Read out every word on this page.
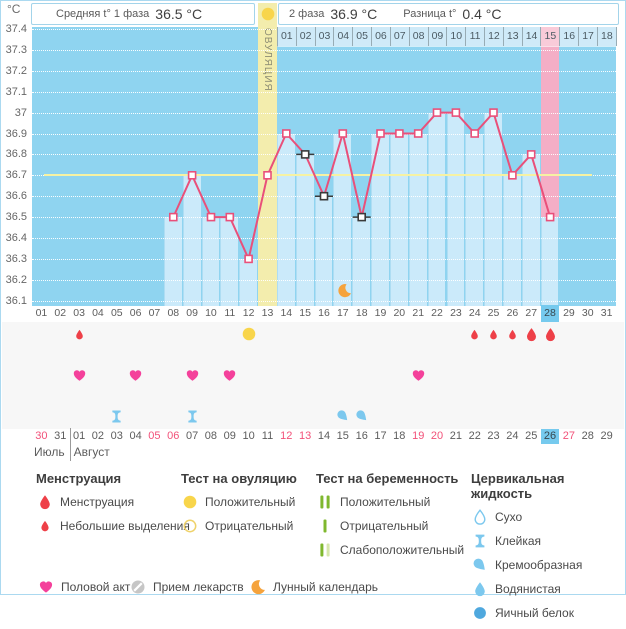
°C	Средняя t° 1 фаза 36.5 °C	2 фаза 36.9 °C Разница t° 0.4 °C
Июль Август
Менструация
Менструация
Небольшие выделения
Тест на овуляцию
Положительный
Отрицательный
Тест на беременность
Положительный
Отрицательный
Слабоположительный
Цервикальная жидкость
Сухо
Клейкая
Кремообразная
Водянистая
Яичный белок
Половой акт Прием лекарств Лунный календарь
37.4
37.3
37.2
37.1
37
36.9
36.8
36.7
36.6
36.5
36.4
36.3
36.2
36.1
ОВУЛЯЦИЯ 01 02 03 04 05 06 07 08 09 10 11 12 13 14 15 16 17 18
01 02 03 04 05 06 07 08 09 10 11 12 13 14 15 16 17 18 19 20 21 22 23 24 25 26 27 28 29 30 31
30 31 01 02 03 04 05 06 07 08 09 10 11 12 13 14 15 16 17 18 19 20 21 22 23 24 25 26 27 28 29
